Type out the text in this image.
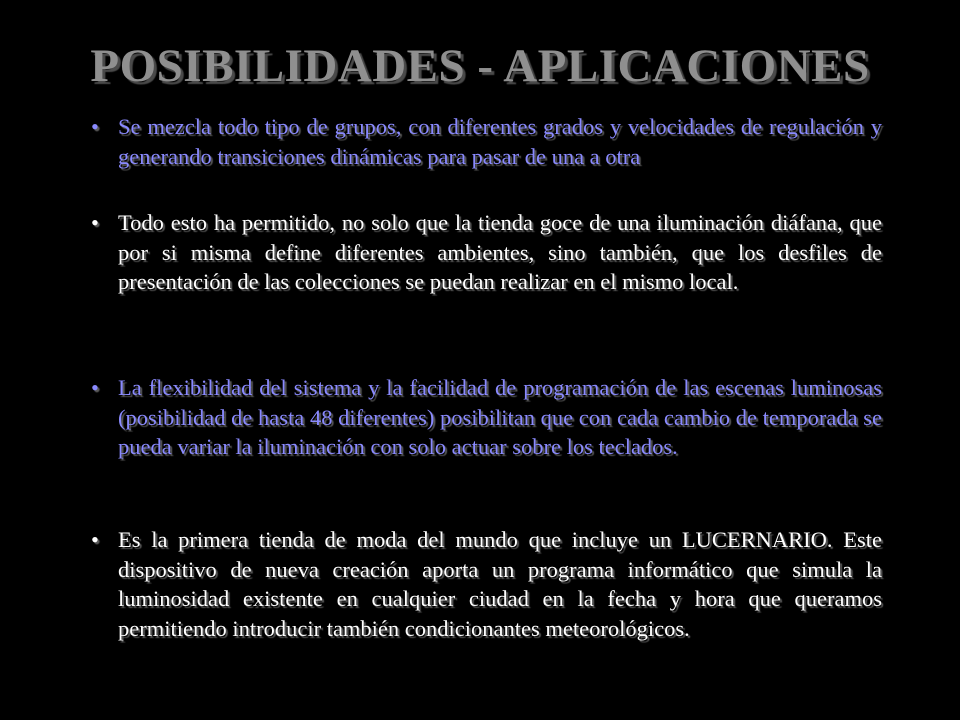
POSIBILIDADES - APLICACIONES
• Se mezcla todo tipo de grupos, con diferentes grados y velocidades de regulación y generando transiciones dinámicas para pasar de una a otra
• Todo esto ha permitido, no solo que la tienda goce de una iluminación diáfana, que por si misma define diferentes ambientes, sino también, que los desfiles de presentación de las colecciones se puedan realizar en el mismo local.
• La flexibilidad del sistema y la facilidad de programación de las escenas luminosas (posibilidad de hasta 48 diferentes) posibilitan que con cada cambio de temporada se pueda variar la iluminación con solo actuar sobre los teclados.
• Es la primera tienda de moda del mundo que incluye un LUCERNARIO. Este dispositivo de nueva creación aporta un programa informático que simula la luminosidad existente en cualquier ciudad en la fecha y hora que queramos permitiendo introducir también condicionantes meteorológicos.
